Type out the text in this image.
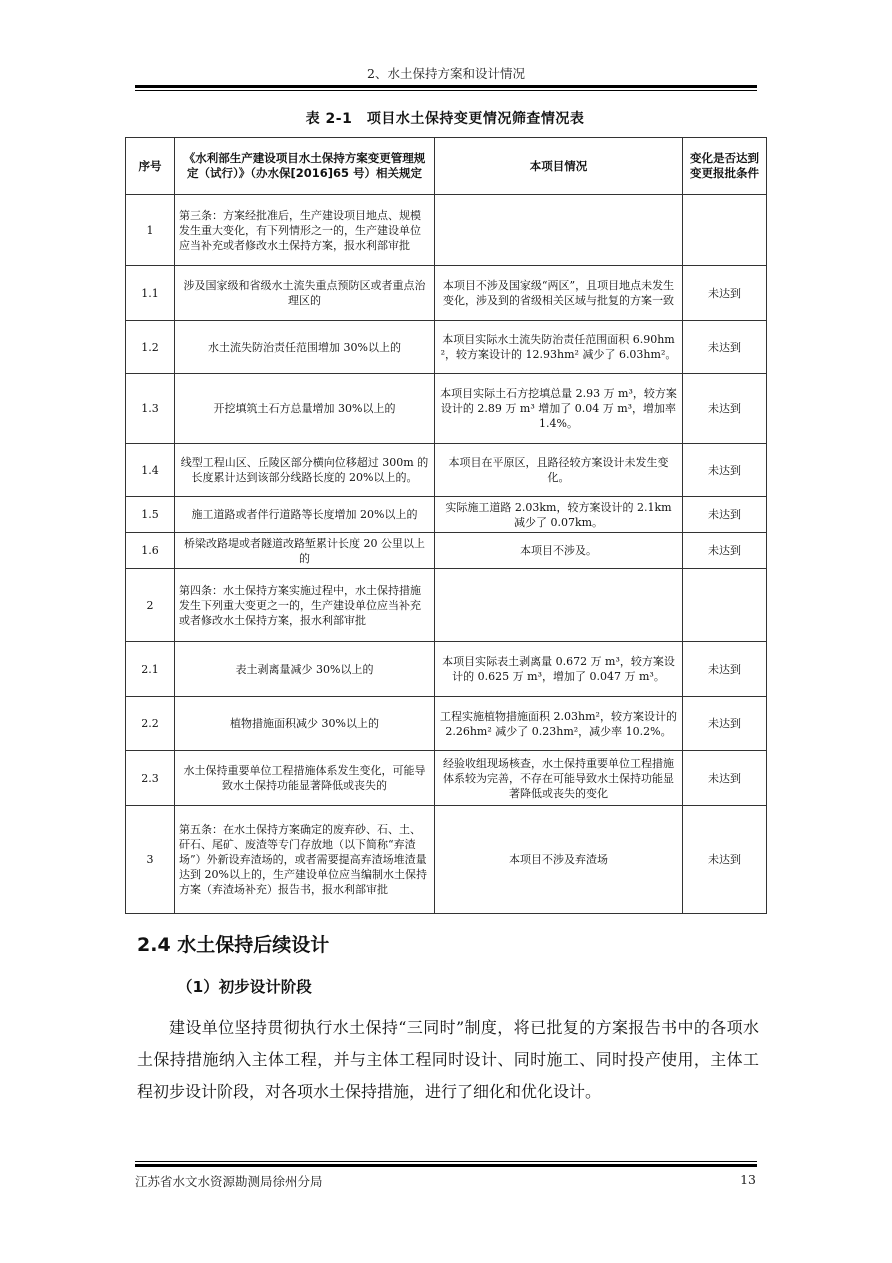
2、水土保持方案和设计情况
表 2-1　项目水土保持变更情况筛查情况表
序号	《水利部生产建设项目水土保持方案变更管理规定（试行）》（办水保[2016]65 号）相关规定	本项目情况	变化是否达到变更报批条件
1	第三条：方案经批准后，生产建设项目地点、规模发生重大变化，有下列情形之一的，生产建设单位应当补充或者修改水土保持方案，报水利部审批		
1.1	涉及国家级和省级水土流失重点预防区或者重点治理区的	本项目不涉及国家级“两区”，且项目地点未发生变化，涉及到的省级相关区域与批复的方案一致	未达到
1.2	水土流失防治责任范围增加 30%以上的	本项目实际水土流失防治责任范围面积 6.90hm²，较方案设计的 12.93hm² 减少了 6.03hm²。	未达到
1.3	开挖填筑土石方总量增加 30%以上的	本项目实际土石方挖填总量 2.93 万 m³，较方案设计的 2.89 万 m³ 增加了 0.04 万 m³，增加率 1.4%。	未达到
1.4	线型工程山区、丘陵区部分横向位移超过 300m 的长度累计达到该部分线路长度的 20%以上的。	本项目在平原区，且路径较方案设计未发生变化。	未达到
1.5	施工道路或者伴行道路等长度增加 20%以上的	实际施工道路 2.03km，较方案设计的 2.1km 减少了 0.07km。	未达到
1.6	桥梁改路堤或者隧道改路堑累计长度 20 公里以上的	本项目不涉及。	未达到
2	第四条：水土保持方案实施过程中，水土保持措施发生下列重大变更之一的，生产建设单位应当补充或者修改水土保持方案，报水利部审批		
2.1	表土剥离量减少 30%以上的	本项目实际表土剥离量 0.672 万 m³，较方案设计的 0.625 万 m³，增加了 0.047 万 m³。	未达到
2.2	植物措施面积减少 30%以上的	工程实施植物措施面积 2.03hm²，较方案设计的 2.26hm² 减少了 0.23hm²，减少率 10.2%。	未达到
2.3	水土保持重要单位工程措施体系发生变化，可能导致水土保持功能显著降低或丧失的	经验收组现场核查，水土保持重要单位工程措施体系较为完善，不存在可能导致水土保持功能显著降低或丧失的变化	未达到
3	第五条：在水土保持方案确定的废弃砂、石、土、矸石、尾矿、废渣等专门存放地（以下简称“弃渣场”）外新设弃渣场的，或者需要提高弃渣场堆渣量达到 20%以上的，生产建设单位应当编制水土保持方案（弃渣场补充）报告书，报水利部审批	本项目不涉及弃渣场	未达到
2.4 水土保持后续设计
（1）初步设计阶段

建设单位坚持贯彻执行水土保持“三同时”制度，将已批复的方案报告书中的各项水土保持措施纳入主体工程，并与主体工程同时设计、同时施工、同时投产使用，主体工程初步设计阶段，对各项水土保持措施，进行了细化和优化设计。

江苏省水文水资源勘测局徐州分局	13
